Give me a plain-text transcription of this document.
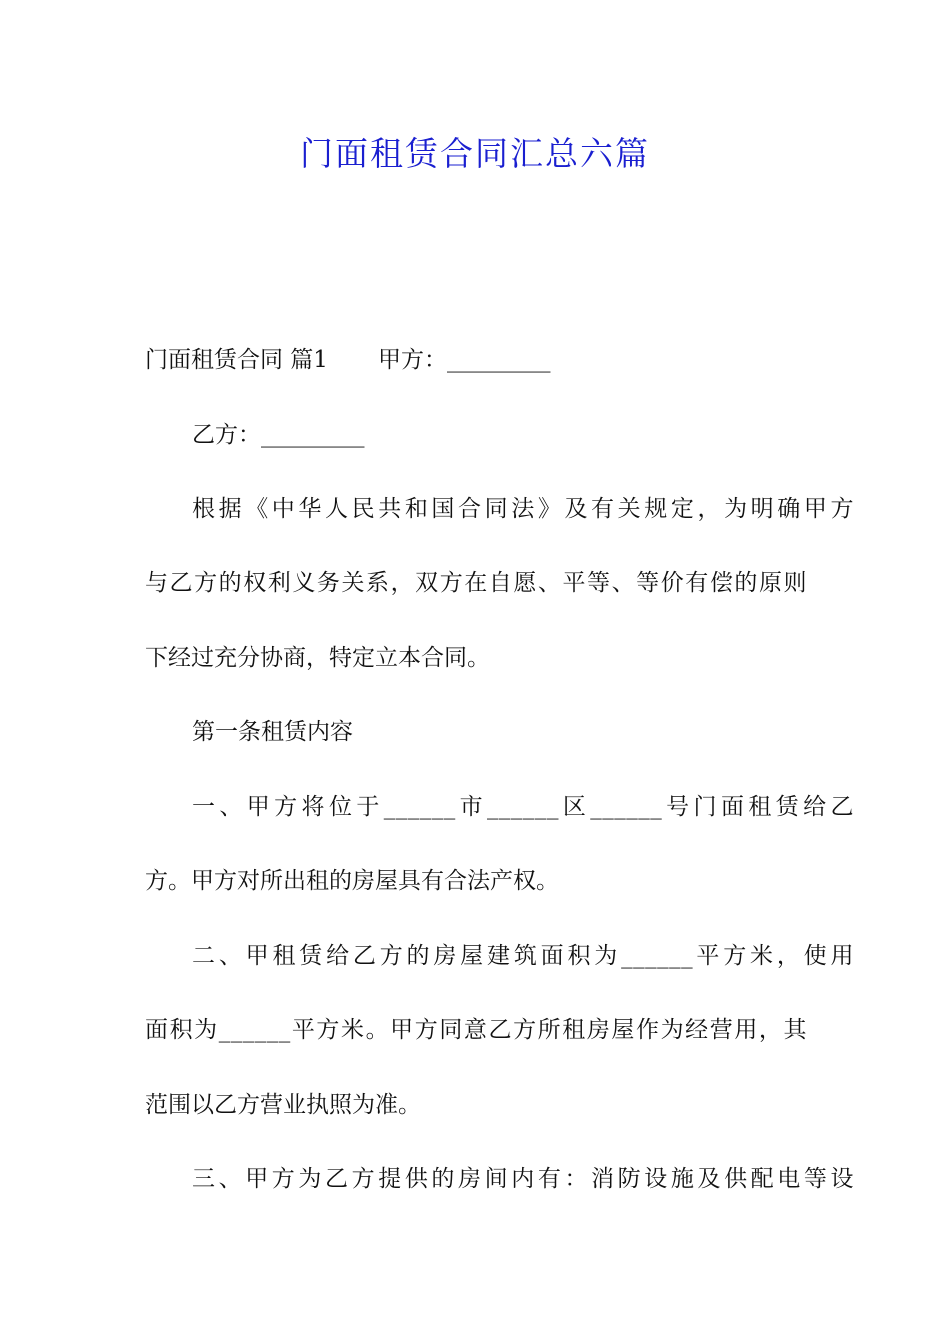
门面租赁合同汇总六篇

门面租赁合同 篇1 甲方：_________

乙方：_________

根据《中华人民共和国合同法》及有关规定，为明确甲方

与乙方的权利义务关系，双方在自愿、平等、等价有偿的原则

下经过充分协商，特定立本合同。

第一条租赁内容

一、甲方将位于______市______区______号门面租赁给乙

方。甲方对所出租的房屋具有合法产权。

二、甲租赁给乙方的房屋建筑面积为______平方米，使用

面积为______平方米。甲方同意乙方所租房屋作为经营用，其

范围以乙方营业执照为准。

三、甲方为乙方提供的房间内有：消防设施及供配电等设
